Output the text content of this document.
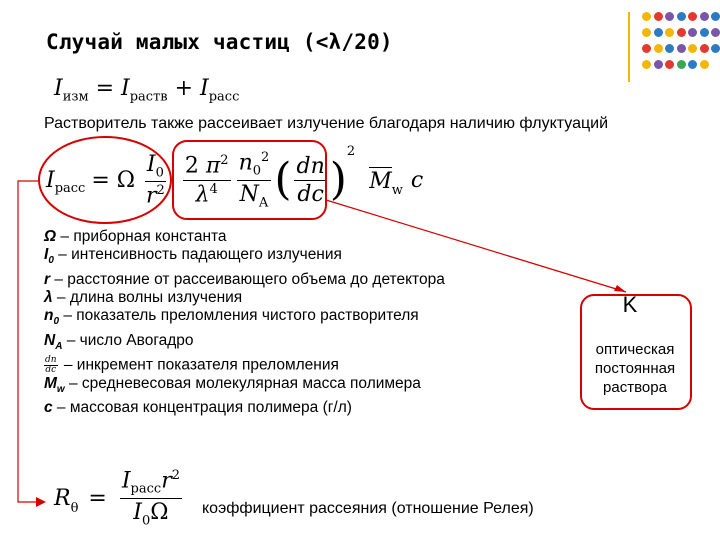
Случай малых частиц (<λ/20)
$I_{изм} = I_{раств} + I_{расс}$

Растворитель также рассеивает излучение благодаря наличию флуктуаций

$I_{расс} = \Omega \frac{I_0}{r^2} \frac{2 \pi^2}{\lambda^4} \frac{n_0^2}{N_A}$ ( $\frac{dn}{dc}$ )
$^2$
$M_w$ c
Ω – приборная константа
$I_0$ – интенсивность падающего излучения
r – расстояние от рассеивающего объема до детектора
λ – длина волны излучения
$n_0$ – показатель преломления чистого растворителя
$N_A$ – число Авогадро
$\frac{dn}{dc}$ – инкремент показателя преломления
$M_w$ – средневесовая молекулярная масса полимера
c – массовая концентрация полимера (г/л)

K

оптическая
постоянная
раствора

$R_\theta = \frac{I_{расс}r^2}{I_0\Omega}$ коэффициент рассеяния (отношение Релея)
